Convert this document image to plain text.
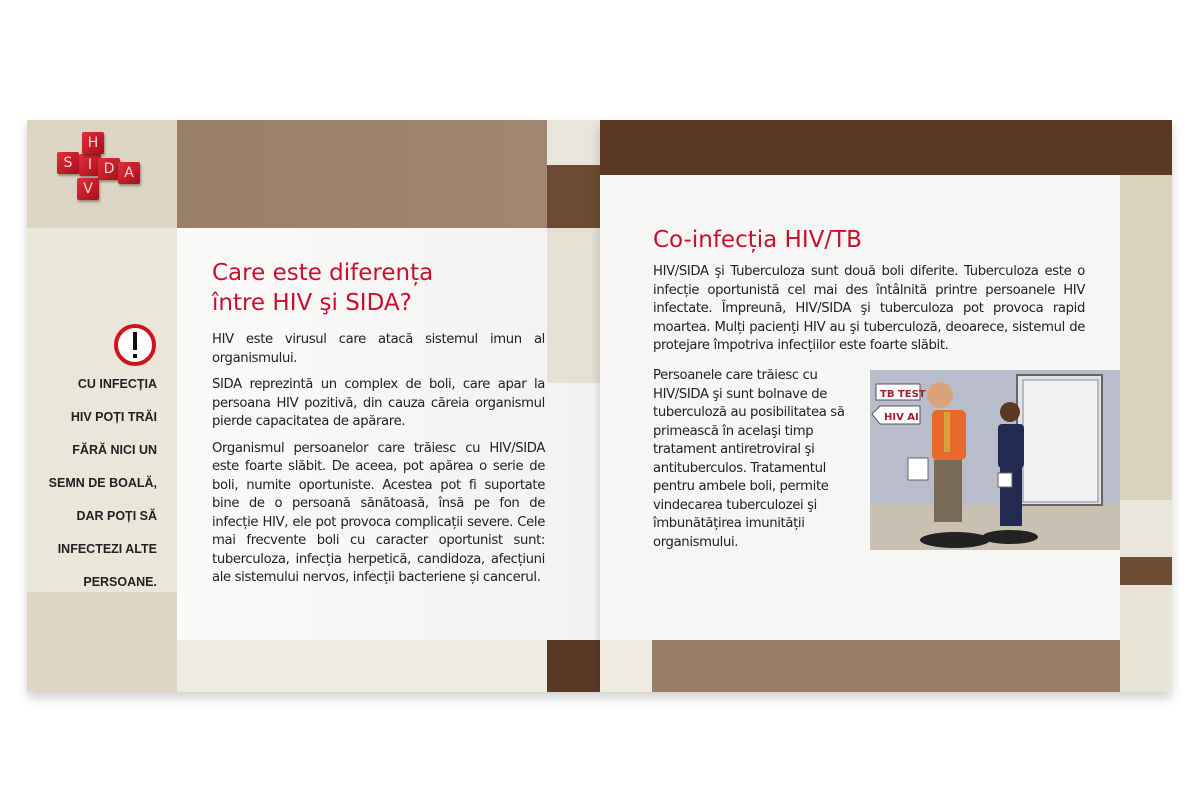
S	I D A
H
V
Care este diferența
între HIV şi SIDA?

HIV este virusul care atacă sistemul imun al organismului.

SIDA reprezintă un complex de boli, care apar la persoana HIV pozitivă, din cauza căreia organismul pierde capacitatea de apărare.

Organismul persoanelor care trăiesc cu HIV/SIDA este foarte slăbit. De aceea, pot apărea o serie de boli, numite oportuniste. Acestea pot fi suportate bine de o persoană sănătoasă, însă pe fon de infecție HIV, ele pot provoca complicații severe. Cele mai frecvente boli cu caracter oportunist sunt: tuberculoza, infecția herpetică, candidoza, afecțiuni ale sistemului nervos, infecții bacteriene și cancerul.

CU INFECȚIA
HIV POȚI TRĂI
FĂRĂ NICI UN
SEMN DE BOALĂ,
DAR POȚI SĂ
INFECTEZI ALTE
PERSOANE.
Co-infecția HIV/TB

HIV/SIDA şi Tuberculoza sunt două boli diferite. Tuberculoza este o infecție oportunistă cel mai des întâlnită printre persoanele HIV infectate. Împreună, HIV/SIDA şi tuberculoza pot provoca rapid moartea. Mulți pacienți HIV au şi tuberculoză, deoarece, sistemul de protejare împotriva infecțiilor este foarte slăbit.

Persoanele care trăiesc cu HIV/SIDA şi sunt bolnave de tuberculoză au posibilitatea să primească în acelaşi timp tratament antiretroviral şi antituberculos. Tratamentul pentru ambele boli, permite vindecarea tuberculozei şi îmbunătățirea imunității organismului.

TB TEST
HIV AI
